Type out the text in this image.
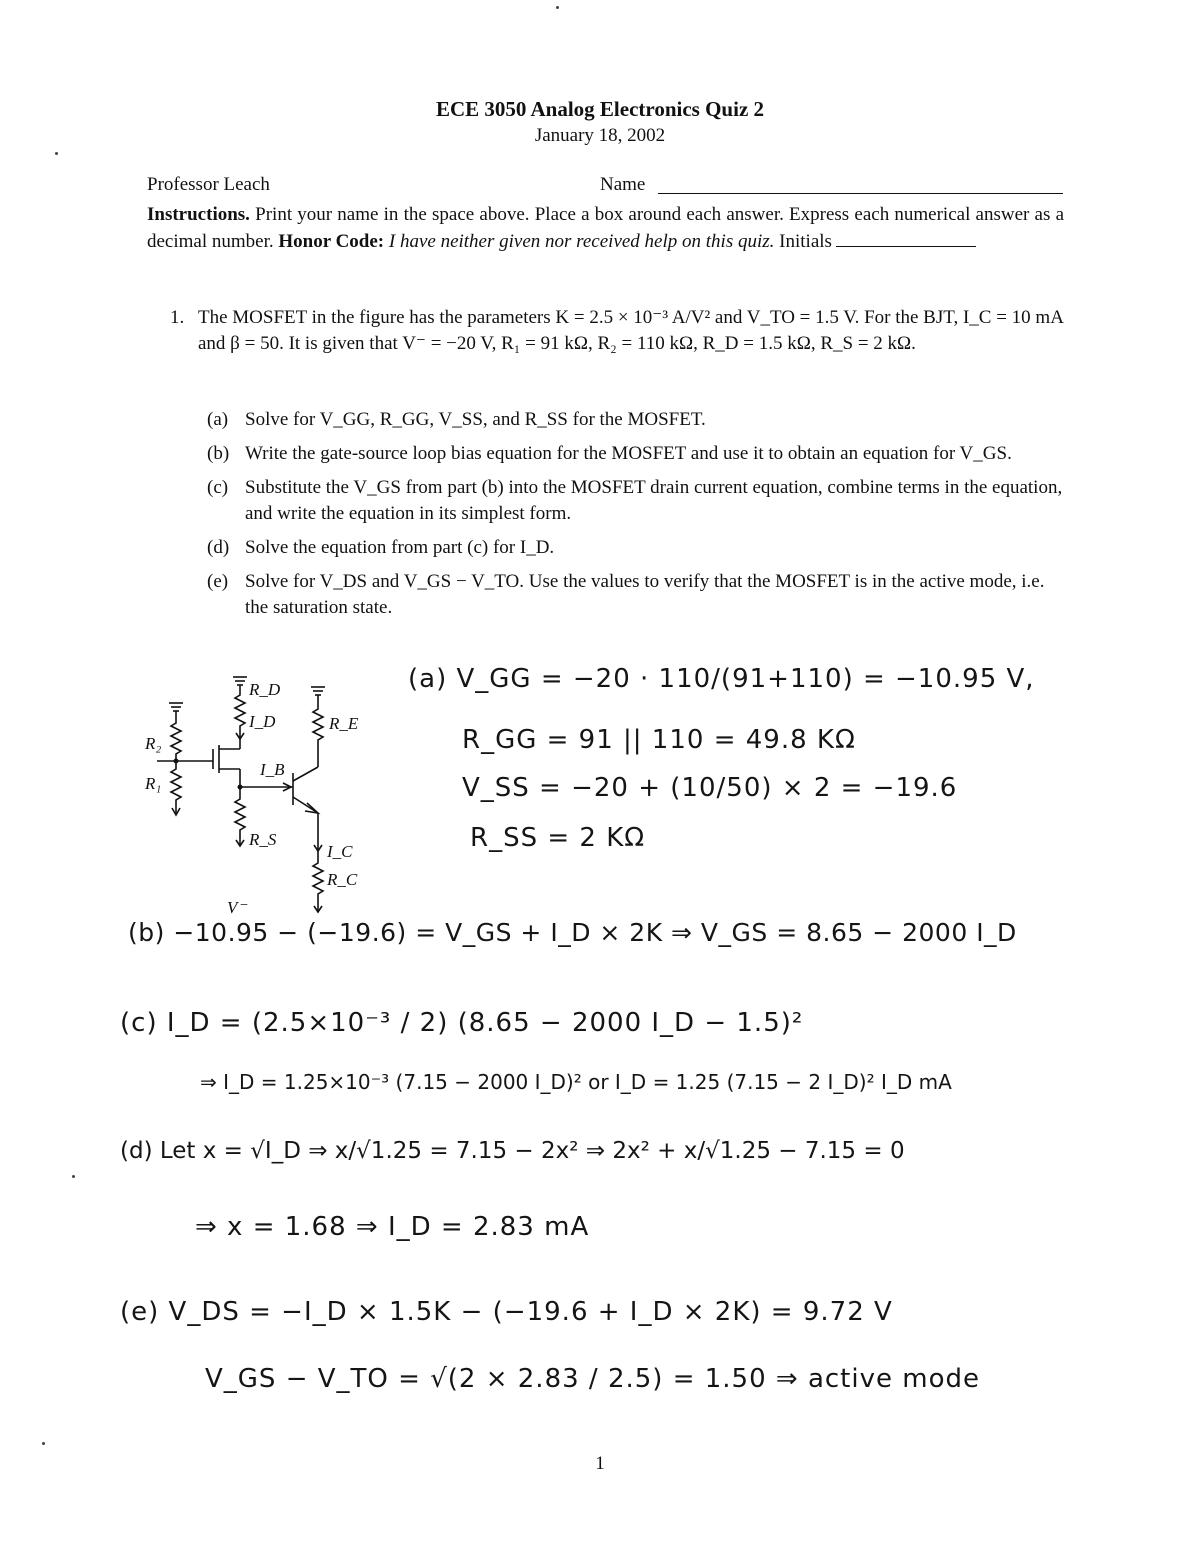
ECE 3050 Analog Electronics Quiz 2
January 18, 2002
Professor Leach	Name
Instructions. Print your name in the space above. Place a box around each answer. Express each numerical answer as a decimal number. Honor Code: I have neither given nor received help on this quiz. Initials
1. The MOSFET in the figure has the parameters K = 2.5 × 10⁻³ A/V² and V_TO = 1.5 V. For the BJT, I_C = 10 mA and β = 50. It is given that V⁻ = −20 V, R₁ = 91 kΩ, R₂ = 110 kΩ, R_D = 1.5 kΩ, R_S = 2 kΩ.
(a) Solve for V_GG, R_GG, V_SS, and R_SS for the MOSFET.
(b) Write the gate-source loop bias equation for the MOSFET and use it to obtain an equation for V_GS.
(c) Substitute the V_GS from part (b) into the MOSFET drain current equation, combine terms in the equation, and write the equation in its simplest form.
(d) Solve the equation from part (c) for I_D.
(e) Solve for V_DS and V_GS − V_TO. Use the values to verify that the MOSFET is in the active mode, i.e. the saturation state.
R₂
R₁
R_D
I_D
I_B
R_S
R_E
I_C
R_C
V⁻
(a) V_GG = −20 · 110/(91+110) = −10.95 V,
R_GG = 91 || 110 = 49.8 KΩ
V_SS = −20 + (10/50) × 2 = −19.6
R_SS = 2 KΩ
(b) −10.95 − (−19.6) = V_GS + I_D × 2K ⇒ V_GS = 8.65 − 2000 I_D
(c) I_D = (2.5×10⁻³ / 2) (8.65 − 2000 I_D − 1.5)²
⇒ I_D = 1.25×10⁻³ (7.15 − 2000 I_D)² or I_D = 1.25 (7.15 − 2 I_D)² I_D mA
(d) Let x = √I_D ⇒ x/√1.25 = 7.15 − 2x² ⇒ 2x² + x/√1.25 − 7.15 = 0
⇒ x = 1.68 ⇒ I_D = 2.83 mA
(e) V_DS = −I_D × 1.5K − (−19.6 + I_D × 2K) = 9.72 V
V_GS − V_TO = √(2 × 2.83 / 2.5) = 1.50 ⇒ active mode
1
